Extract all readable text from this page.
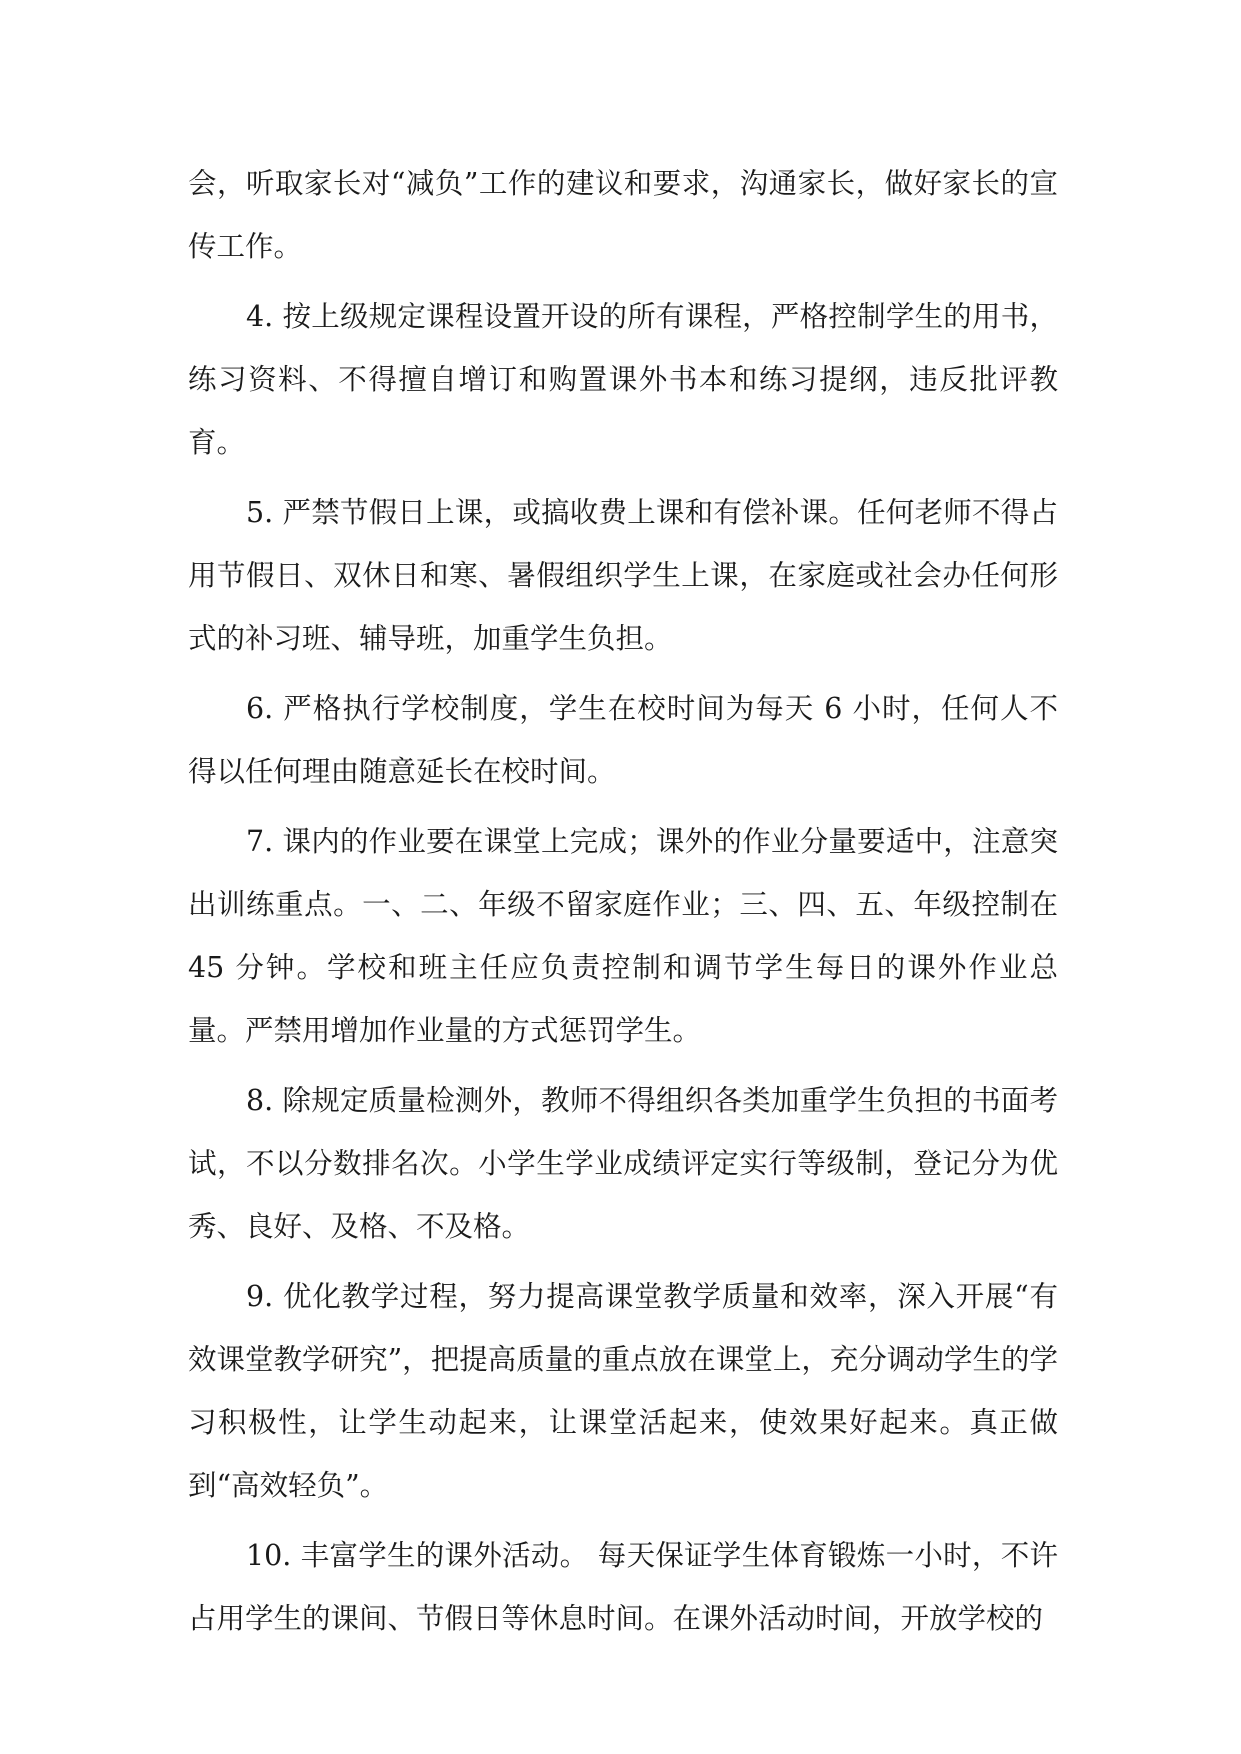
会，听取家长对“减负”工作的建议和要求，沟通家长，做好家长的宣传工作。

4. 按上级规定课程设置开设的所有课程，严格控制学生的用书，练习资料、不得擅自增订和购置课外书本和练习提纲，违反批评教育。

5. 严禁节假日上课，或搞收费上课和有偿补课。任何老师不得占用节假日、双休日和寒、暑假组织学生上课，在家庭或社会办任何形式的补习班、辅导班，加重学生负担。

6. 严格执行学校制度，学生在校时间为每天 6 小时，任何人不得以任何理由随意延长在校时间。

7. 课内的作业要在课堂上完成；课外的作业分量要适中，注意突出训练重点。一、二、年级不留家庭作业；三、四、五、年级控制在 45 分钟。学校和班主任应负责控制和调节学生每日的课外作业总量。严禁用增加作业量的方式惩罚学生。

8. 除规定质量检测外，教师不得组织各类加重学生负担的书面考试，不以分数排名次。小学生学业成绩评定实行等级制，登记分为优秀、良好、及格、不及格。

9. 优化教学过程，努力提高课堂教学质量和效率，深入开展“有效课堂教学研究”，把提高质量的重点放在课堂上，充分调动学生的学习积极性，让学生动起来，让课堂活起来，使效果好起来。真正做到“高效轻负”。

10. 丰富学生的课外活动。 每天保证学生体育锻炼一小时，不许占用学生的课间、节假日等休息时间。在课外活动时间，开放学校的
